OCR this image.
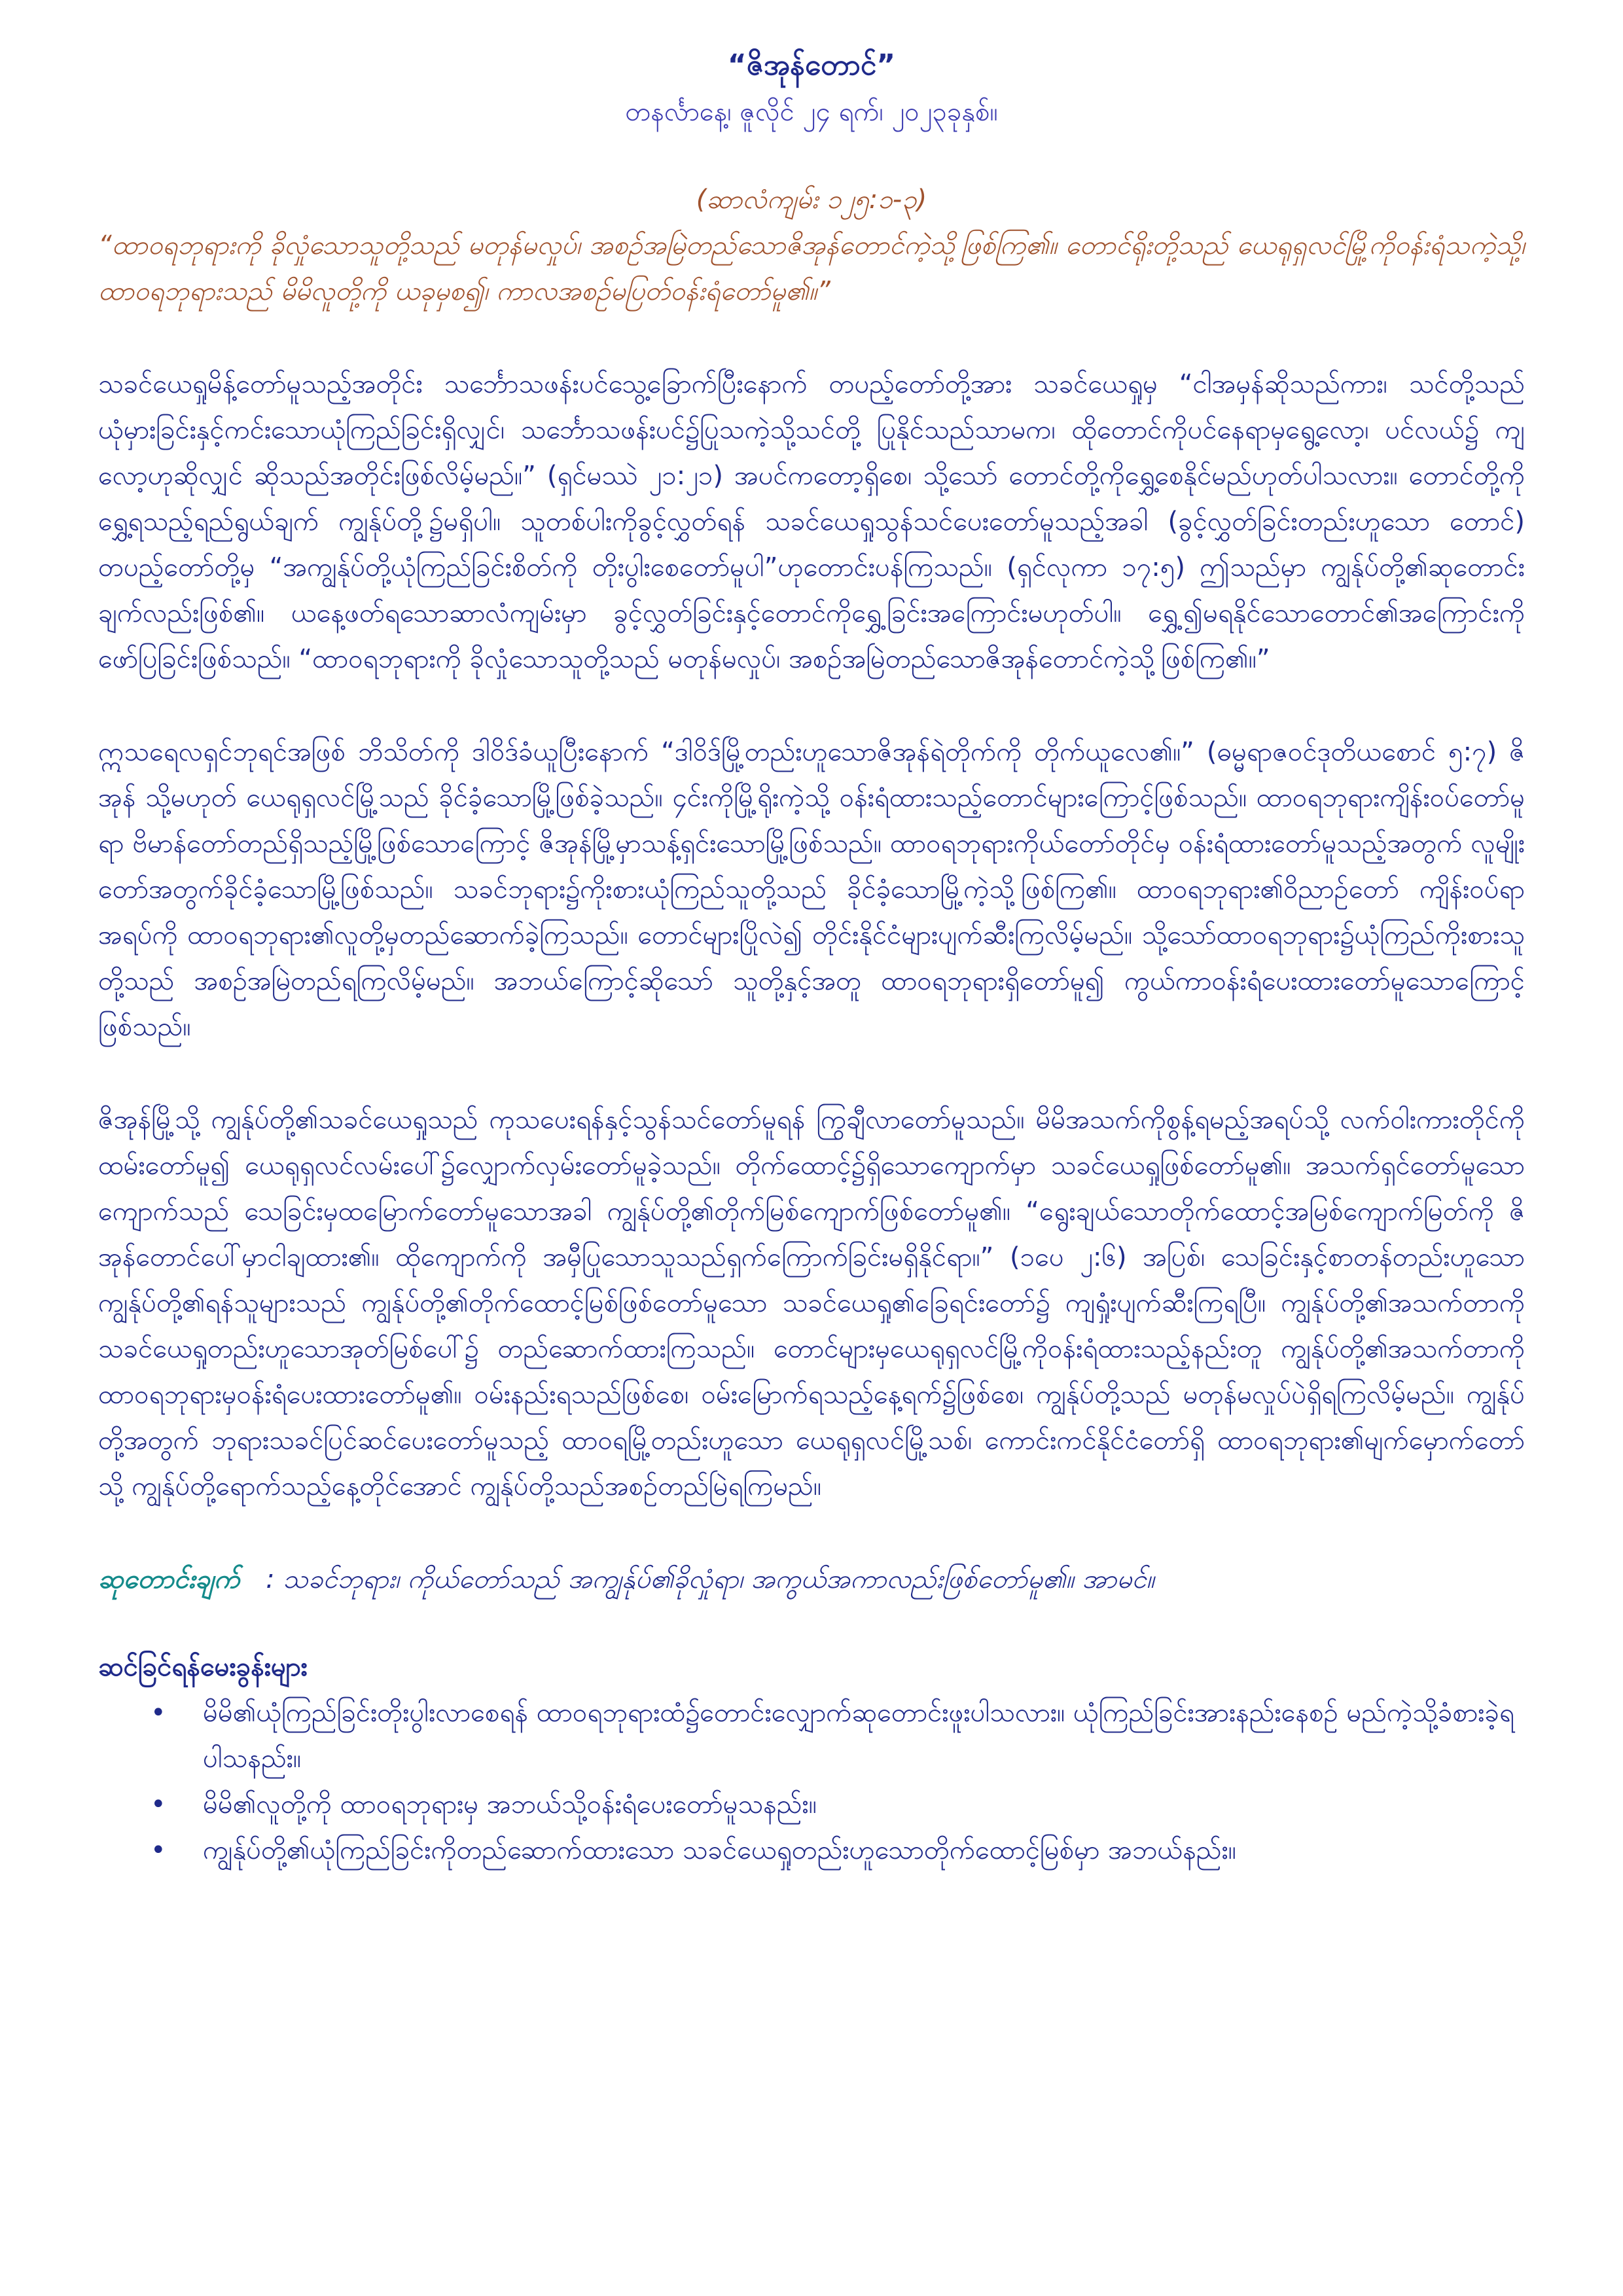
“ဇိအုန်တောင်”

တနင်္လာနေ့၊ ဇူလိုင် ၂၄ ရက်၊ ၂၀၂၃ခုနှစ်။

(ဆာလံကျမ်း ၁၂၅:၁-၃)

“ထာဝရဘုရားကို ခိုလှုံသောသူတို့သည် မတုန်မလှုပ်၊ အစဉ်အမြဲတည်သောဇိအုန်တောင်ကဲ့သို့ဖြစ်ကြ၏။ တောင်ရိုးတို့သည် ယေရုရှလင်မြို့ကိုဝန်းရံသကဲ့သို့၊ ထာဝရဘုရားသည် မိမိလူတို့ကို ယခုမှစ၍၊ ကာလအစဉ်မပြတ်ဝန်းရံတော်မူ၏။”

သခင်ယေရှုမိန့်တော်မူသည့်အတိုင်း သင်္ဘောသဖန်းပင်သွေ့ခြောက်ပြီးနောက် တပည့်တော်တို့အား သခင်ယေရှုမှ “ငါအမှန်ဆိုသည်ကား၊ သင်တို့သည် ယုံမှားခြင်းနှင့်ကင်းသောယုံကြည်ခြင်းရှိလျှင်၊ သင်္ဘောသဖန်းပင်၌ပြုသကဲ့သို့သင်တို့ ပြုနိုင်သည်သာမက၊ ထိုတောင်ကိုပင်နေရာမှရွေ့လော့၊ ပင်လယ်၌ ကျလော့ဟုဆိုလျှင် ဆိုသည်အတိုင်းဖြစ်လိမ့်မည်။” (ရှင်မဿဲ ၂၁:၂၁) အပင်ကတော့ရှိစေ၊ သို့သော် တောင်တို့ကိုရွှေ့စေနိုင်မည်ဟုတ်ပါသလား။ တောင်တို့ကိုရွှေ့ရသည့်ရည်ရွယ်ချက် ကျွန်ုပ်တို့၌မရှိပါ။ သူတစ်ပါးကိုခွင့်လွှတ်ရန် သခင်ယေရှုသွန်သင်ပေးတော်မူသည့်အခါ (ခွင့်လွှတ်ခြင်းတည်းဟူသော တောင်) တပည့်တော်တို့မှ “အကျွန်ုပ်တို့ယုံကြည်ခြင်းစိတ်ကို တိုးပွါးစေတော်မူပါ”ဟုတောင်းပန်ကြသည်။ (ရှင်လုကာ ၁၇:၅) ဤသည်မှာ ကျွန်ုပ်တို့၏ဆုတောင်းချက်လည်းဖြစ်၏။ ယနေ့ဖတ်ရသောဆာလံကျမ်းမှာ ခွင့်လွှတ်ခြင်းနှင့်တောင်ကိုရွှေ့ခြင်းအကြောင်းမဟုတ်ပါ။ ရွှေ့၍မရနိုင်သောတောင်၏အကြောင်းကိုဖော်ပြခြင်းဖြစ်သည်။ “ထာဝရဘုရားကို ခိုလှုံသောသူတို့သည် မတုန်မလှုပ်၊ အစဉ်အမြဲတည်သောဇိအုန်တောင်ကဲ့သို့ဖြစ်ကြ၏။”

ဣသရေလရှင်ဘုရင်အဖြစ် ဘိသိတ်ကို ဒါဝိဒ်ခံယူပြီးနောက် “ဒါဝိဒ်မြို့တည်းဟူသောဇိအုန်ရဲတိုက်ကို တိုက်ယူလေ၏။” (ဓမ္မရာဇဝင်ဒုတိယစောင် ၅:၇) ဇိအုန် သို့မဟုတ် ယေရုရှလင်မြို့သည် ခိုင်ခံ့သောမြို့ဖြစ်ခဲ့သည်။ ၄င်းကိုမြို့ရိုးကဲ့သို့ ဝန်းရံထားသည့်တောင်များကြောင့်ဖြစ်သည်။ ထာဝရဘုရားကျိန်းဝပ်တော်မူရာ ဗိမာန်တော်တည်ရှိသည့်မြို့ဖြစ်သောကြောင့် ဇိအုန်မြို့မှာသန့်ရှင်းသောမြို့ဖြစ်သည်။ ထာဝရဘုရားကိုယ်တော်တိုင်မှ ဝန်းရံထားတော်မူသည့်အတွက် လူမျိုးတော်အတွက်ခိုင်ခံ့သောမြို့ဖြစ်သည်။ သခင်ဘုရား၌ကိုးစားယုံကြည်သူတို့သည် ခိုင်ခံ့သောမြို့ကဲ့သို့ဖြစ်ကြ၏။ ထာဝရဘုရား၏ဝိညာဉ်တော် ကျိန်းဝပ်ရာအရပ်ကို ထာဝရဘုရား၏လူတို့မှတည်ဆောက်ခဲ့ကြသည်။ တောင်များပြိုလဲ၍ တိုင်းနိုင်ငံများပျက်ဆီးကြလိမ့်မည်။ သို့သော်ထာဝရဘုရား၌ယုံကြည်ကိုးစားသူတို့သည် အစဉ်အမြဲတည်ရကြလိမ့်မည်။ အဘယ်ကြောင့်ဆိုသော် သူတို့နှင့်အတူ ထာဝရဘုရားရှိတော်မူ၍ ကွယ်ကာဝန်းရံပေးထားတော်မူသောကြောင့်ဖြစ်သည်။

ဇိအုန်မြို့သို့ ကျွန်ုပ်တို့၏သခင်ယေရှုသည် ကုသပေးရန်နှင့်သွန်သင်တော်မူရန် ကြွချီလာတော်မူသည်။ မိမိအသက်ကိုစွန့်ရမည့်အရပ်သို့ လက်ဝါးကားတိုင်ကိုထမ်းတော်မူ၍ ယေရုရှလင်လမ်းပေါ်၌လျှောက်လှမ်းတော်မူခဲ့သည်။ တိုက်ထောင့်၌ရှိသောကျောက်မှာ သခင်ယေရှုဖြစ်တော်မူ၏။ အသက်ရှင်တော်မူသောကျောက်သည် သေခြင်းမှထမြောက်တော်မူသောအခါ ကျွန်ုပ်တို့၏တိုက်မြစ်ကျောက်ဖြစ်တော်မူ၏။ “ရွေးချယ်သောတိုက်ထောင့်အမြစ်ကျောက်မြတ်ကို ဇိအုန်တောင်ပေါ်မှာငါချထား၏။ ထိုကျောက်ကို အမှီပြုသောသူသည်ရှက်ကြောက်ခြင်းမရှိနိုင်ရာ။” (၁ပေ ၂:၆) အပြစ်၊ သေခြင်းနှင့်စာတန်တည်းဟူသောကျွန်ုပ်တို့၏ရန်သူများသည် ကျွန်ုပ်တို့၏တိုက်ထောင့်မြစ်ဖြစ်တော်မူသော သခင်ယေရှု၏ခြေရင်းတော်၌ ကျရှုံးပျက်ဆီးကြရပြီ။ ကျွန်ုပ်တို့၏အသက်တာကို သခင်ယေရှုတည်းဟူသောအုတ်မြစ်ပေါ်၌ တည်ဆောက်ထားကြသည်။ တောင်များမှယေရုရှလင်မြို့ကိုဝန်းရံထားသည့်နည်းတူ ကျွန်ုပ်တို့၏အသက်တာကို ထာဝရဘုရားမှဝန်းရံပေးထားတော်မူ၏။ ဝမ်းနည်းရသည်ဖြစ်စေ၊ ဝမ်းမြောက်ရသည့်နေ့ရက်၌ဖြစ်စေ၊ ကျွန်ုပ်တို့သည် မတုန်မလှုပ်ပဲရှိရကြလိမ့်မည်။ ကျွန်ုပ်တို့အတွက် ဘုရားသခင်ပြင်ဆင်ပေးတော်မူသည့် ထာဝရမြို့တည်းဟူသော ယေရုရှလင်မြို့သစ်၊ ကောင်းကင်နိုင်ငံတော်ရှိ ထာဝရဘုရား၏မျက်မှောက်တော်သို့ ကျွန်ုပ်တို့ရောက်သည့်နေ့တိုင်အောင် ကျွန်ုပ်တို့သည်အစဉ်တည်မြဲရကြမည်။

ဆုတောင်းချက် : သခင်ဘုရား၊ ကိုယ်တော်သည် အကျွန်ုပ်၏ခိုလှုံရာ၊ အကွယ်အကာလည်းဖြစ်တော်မူ၏။ အာမင်။

ဆင်ခြင်ရန်မေးခွန်းများ

• မိမိ၏ယုံကြည်ခြင်းတိုးပွါးလာစေရန် ထာဝရဘုရားထံ၌တောင်းလျှောက်ဆုတောင်းဖူးပါသလား။ ယုံကြည်ခြင်းအားနည်းနေစဉ် မည်ကဲ့သို့ခံစားခဲ့ရပါသနည်း။
• မိမိ၏လူတို့ကို ထာဝရဘုရားမှ အဘယ်သို့ဝန်းရံပေးတော်မူသနည်း။
• ကျွန်ုပ်တို့၏ယုံကြည်ခြင်းကိုတည်ဆောက်ထားသော သခင်ယေရှုတည်းဟူသောတိုက်ထောင့်မြစ်မှာ အဘယ်နည်း။
